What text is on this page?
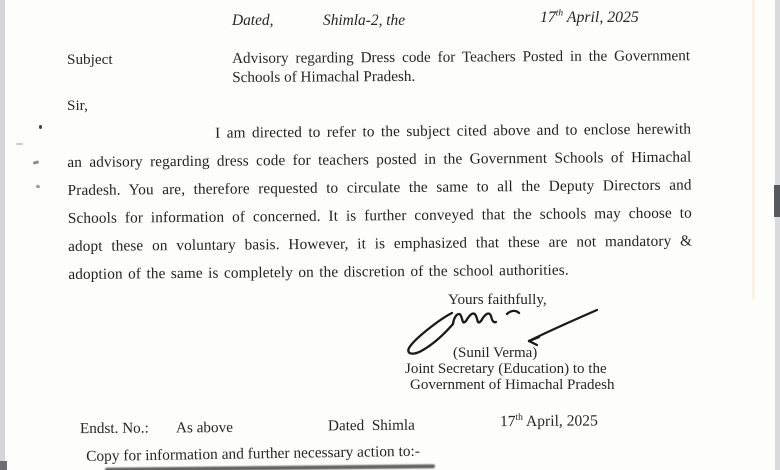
Dated,	Shimla-2, the	17th April, 2025
Subject	Advisory regarding Dress code for Teachers Posted in the Government
Schools of Himachal Pradesh.
Sir,
I am directed to refer to the subject cited above and to enclose herewith an advisory regarding dress code for teachers posted in the Government Schools of Himachal Pradesh. You are, therefore requested to circulate the same to all the Deputy Directors and Schools for information of concerned. It is further conveyed that the schools may choose to adopt these on voluntary basis. However, it is emphasized that these are not mandatory & adoption of the same is completely on the discretion of the school authorities.
Yours faithfully,
(Sunil Verma)
Joint Secretary (Education) to the
Government of Himachal Pradesh
Endst. No.: As above	Dated  Shimla	17th April, 2025
Copy for information and further necessary action to:-
